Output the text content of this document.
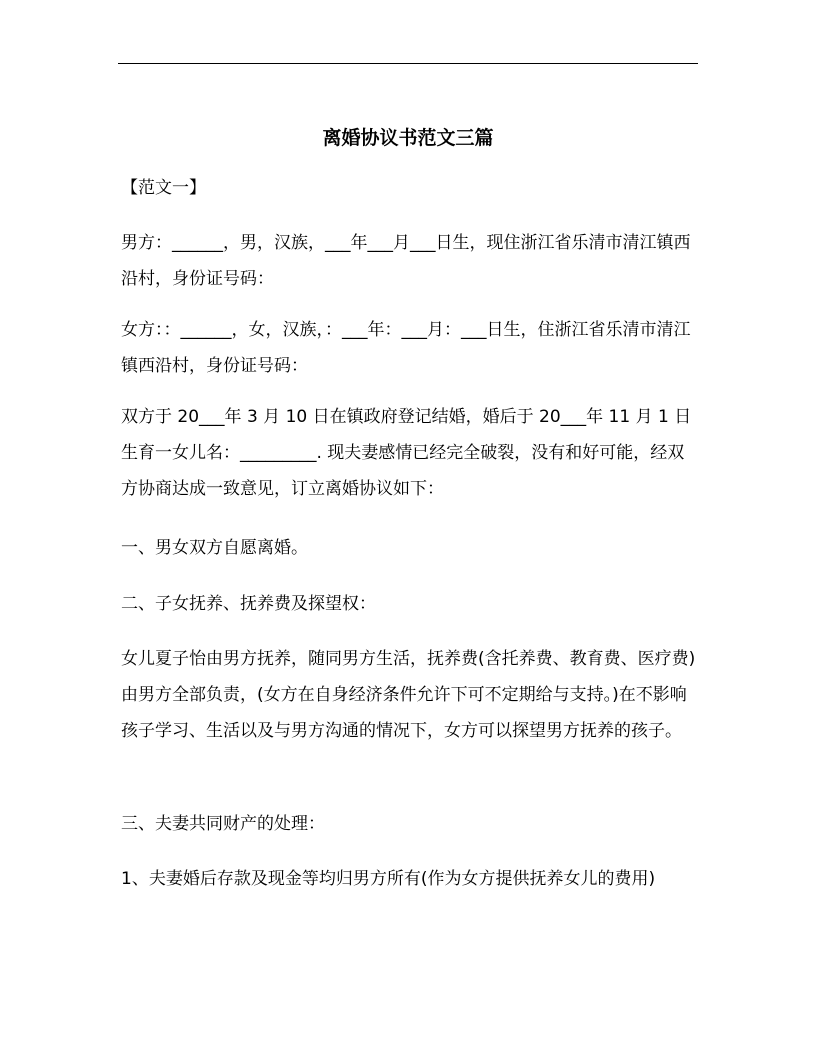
离婚协议书范文三篇

【范文一】

男方：______，男，汉族，___年___月___日生，现住浙江省乐清市清江镇西沿村，身份证号码：

女方：：______，女，汉族，：___年：___月：___日生，住浙江省乐清市清江镇西沿村，身份证号码：

双方于 20___年 3 月 10 日在镇政府登记结婚，婚后于 20___年 11 月 1 日生育一女儿名：_________. 现夫妻感情已经完全破裂，没有和好可能，经双方协商达成一致意见，订立离婚协议如下：

一、男女双方自愿离婚。

二、子女抚养、抚养费及探望权：

女儿夏子怡由男方抚养，随同男方生活，抚养费(含托养费、教育费、医疗费)由男方全部负责，(女方在自身经济条件允许下可不定期给与支持。)在不影响孩子学习、生活以及与男方沟通的情况下，女方可以探望男方抚养的孩子。

三、夫妻共同财产的处理：

1、夫妻婚后存款及现金等均归男方所有(作为女方提供抚养女儿的费用)
